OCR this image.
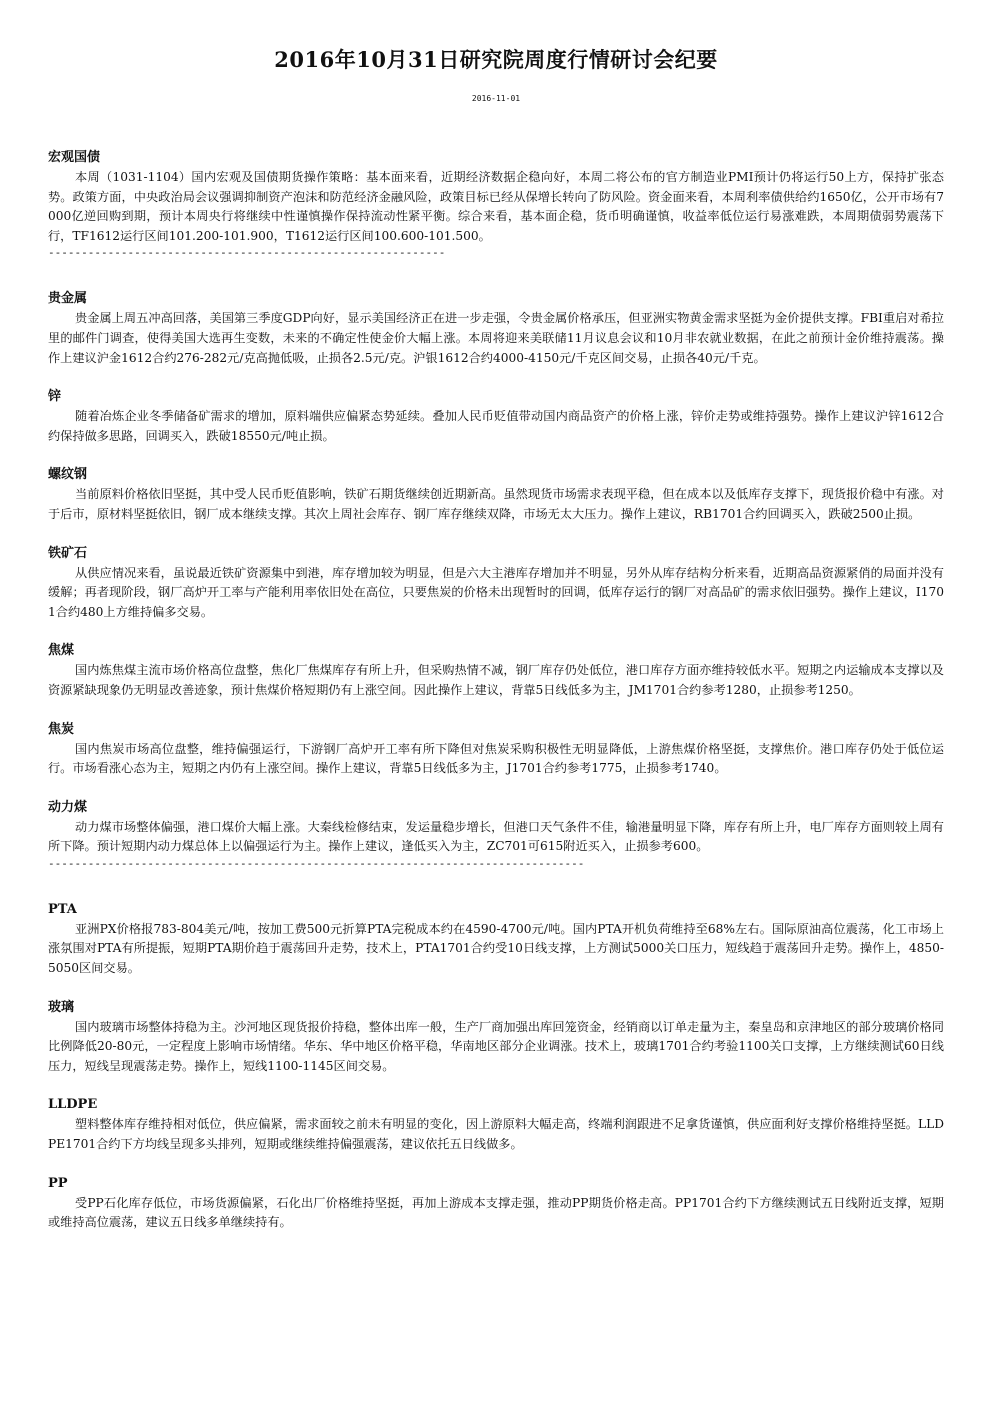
2016年10月31日研究院周度行情研讨会纪要
2016-11-01
宏观国债

本周（1031-1104）国内宏观及国债期货操作策略：基本面来看，近期经济数据企稳向好，本周二将公布的官方制造业PMI预计仍将运行50上方，保持扩张态势。政策方面，中央政治局会议强调抑制资产泡沫和防范经济金融风险，政策目标已经从保增长转向了防风险。资金面来看，本周利率债供给约1650亿，公开市场有7000亿逆回购到期，预计本周央行将继续中性谨慎操作保持流动性紧平衡。综合来看，基本面企稳，货币明确谨慎，收益率低位运行易涨难跌，本周期债弱势震荡下行，TF1612运行区间101.200-101.900，T1612运行区间100.600-101.500。

------------------------------------------------------------
贵金属

贵金属上周五冲高回落，美国第三季度GDP向好，显示美国经济正在进一步走强，令贵金属价格承压，但亚洲实物黄金需求坚挺为金价提供支撑。FBI重启对希拉里的邮件门调查，使得美国大选再生变数，未来的不确定性使金价大幅上涨。本周将迎来美联储11月议息会议和10月非农就业数据，在此之前预计金价维持震荡。操作上建议沪金1612合约276-282元/克高抛低吸，止损各2.5元/克。沪银1612合约4000-4150元/千克区间交易，止损各40元/千克。

锌

随着冶炼企业冬季储备矿需求的增加，原料端供应偏紧态势延续。叠加人民币贬值带动国内商品资产的价格上涨，锌价走势或维持强势。操作上建议沪锌1612合约保持做多思路，回调买入，跌破18550元/吨止损。

螺纹钢

当前原料价格依旧坚挺，其中受人民币贬值影响，铁矿石期货继续创近期新高。虽然现货市场需求表现平稳，但在成本以及低库存支撑下，现货报价稳中有涨。对于后市，原材料坚挺依旧，钢厂成本继续支撑。其次上周社会库存、钢厂库存继续双降，市场无太大压力。操作上建议，RB1701合约回调买入，跌破2500止损。

铁矿石

从供应情况来看，虽说最近铁矿资源集中到港，库存增加较为明显，但是六大主港库存增加并不明显，另外从库存结构分析来看，近期高品资源紧俏的局面并没有缓解；再者现阶段，钢厂高炉开工率与产能利用率依旧处在高位，只要焦炭的价格未出现暂时的回调，低库存运行的钢厂对高品矿的需求依旧强势。操作上建议，I1701合约480上方维持偏多交易。

焦煤

国内炼焦煤主流市场价格高位盘整，焦化厂焦煤库存有所上升，但采购热情不减，钢厂库存仍处低位，港口库存方面亦维持较低水平。短期之内运输成本支撑以及资源紧缺现象仍无明显改善迹象，预计焦煤价格短期仍有上涨空间。因此操作上建议，背靠5日线低多为主，JM1701合约参考1280，止损参考1250。

焦炭

国内焦炭市场高位盘整，维持偏强运行，下游钢厂高炉开工率有所下降但对焦炭采购积极性无明显降低，上游焦煤价格坚挺，支撑焦价。港口库存仍处于低位运行。市场看涨心态为主，短期之内仍有上涨空间。操作上建议，背靠5日线低多为主，J1701合约参考1775，止损参考1740。

动力煤

动力煤市场整体偏强，港口煤价大幅上涨。大秦线检修结束，发运量稳步增长，但港口天气条件不佳，输港量明显下降，库存有所上升，电厂库存方面则较上周有所下降。预计短期内动力煤总体上以偏强运行为主。操作上建议，逢低买入为主，ZC701可615附近买入，止损参考600。

---------------------------------------------------------------------------------
PTA

亚洲PX价格报783-804美元/吨，按加工费500元折算PTA完税成本约在4590-4700元/吨。国内PTA开机负荷维持至68%左右。国际原油高位震荡，化工市场上涨氛围对PTA有所提振，短期PTA期价趋于震荡回升走势，技术上，PTA1701合约受10日线支撑，上方测试5000关口压力，短线趋于震荡回升走势。操作上，4850-5050区间交易。

玻璃

国内玻璃市场整体持稳为主。沙河地区现货报价持稳，整体出库一般，生产厂商加强出库回笼资金，经销商以订单走量为主，秦皇岛和京津地区的部分玻璃价格同比例降低20-80元，一定程度上影响市场情绪。华东、华中地区价格平稳，华南地区部分企业调涨。技术上，玻璃1701合约考验1100关口支撑，上方继续测试60日线压力，短线呈现震荡走势。操作上，短线1100-1145区间交易。

LLDPE

塑料整体库存维持相对低位，供应偏紧，需求面较之前未有明显的变化，因上游原料大幅走高，终端利润跟进不足拿货谨慎，供应面利好支撑价格维持坚挺。LLDPE1701合约下方均线呈现多头排列，短期或继续维持偏强震荡，建议依托五日线做多。

PP

受PP石化库存低位，市场货源偏紧，石化出厂价格维持坚挺，再加上游成本支撑走强，推动PP期货价格走高。PP1701合约下方继续测试五日线附近支撑，短期或维持高位震荡，建议五日线多单继续持有。
